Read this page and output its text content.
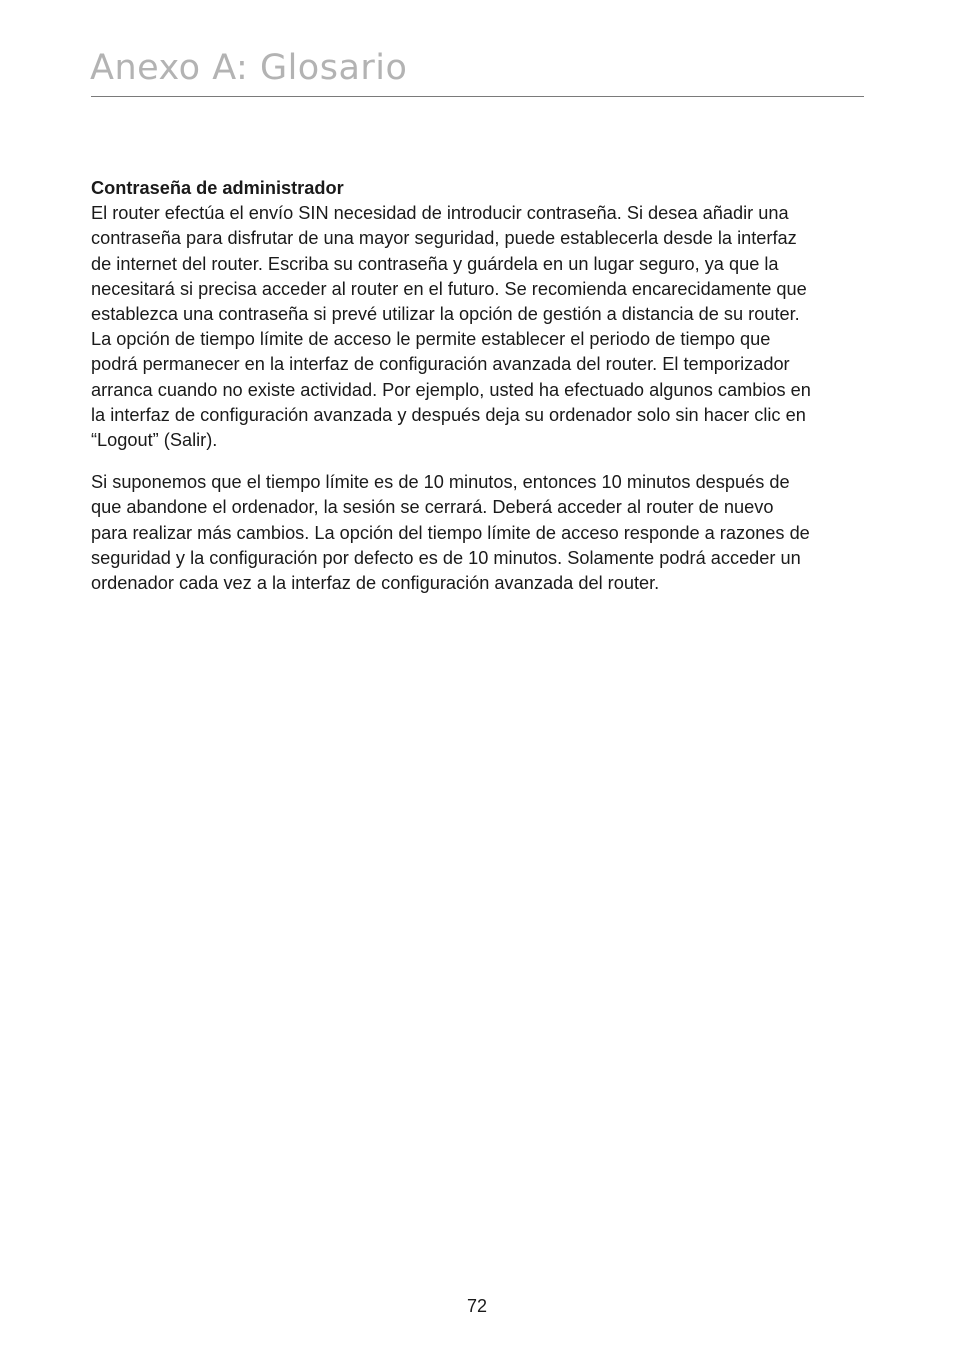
Anexo A: Glosario
Contraseña de administrador

El router efectúa el envío SIN necesidad de introducir contraseña. Si desea añadir una
contraseña para disfrutar de una mayor seguridad, puede establecerla desde la interfaz
de internet del router. Escriba su contraseña y guárdela en un lugar seguro, ya que la
necesitará si precisa acceder al router en el futuro. Se recomienda encarecidamente que
establezca una contraseña si prevé utilizar la opción de gestión a distancia de su router.
La opción de tiempo límite de acceso le permite establecer el periodo de tiempo que
podrá permanecer en la interfaz de configuración avanzada del router. El temporizador
arranca cuando no existe actividad. Por ejemplo, usted ha efectuado algunos cambios en
la interfaz de configuración avanzada y después deja su ordenador solo sin hacer clic en
“Logout” (Salir).

Si suponemos que el tiempo límite es de 10 minutos, entonces 10 minutos después de
que abandone el ordenador, la sesión se cerrará. Deberá acceder al router de nuevo
para realizar más cambios. La opción del tiempo límite de acceso responde a razones de
seguridad y la configuración por defecto es de 10 minutos. Solamente podrá acceder un
ordenador cada vez a la interfaz de configuración avanzada del router.

72
